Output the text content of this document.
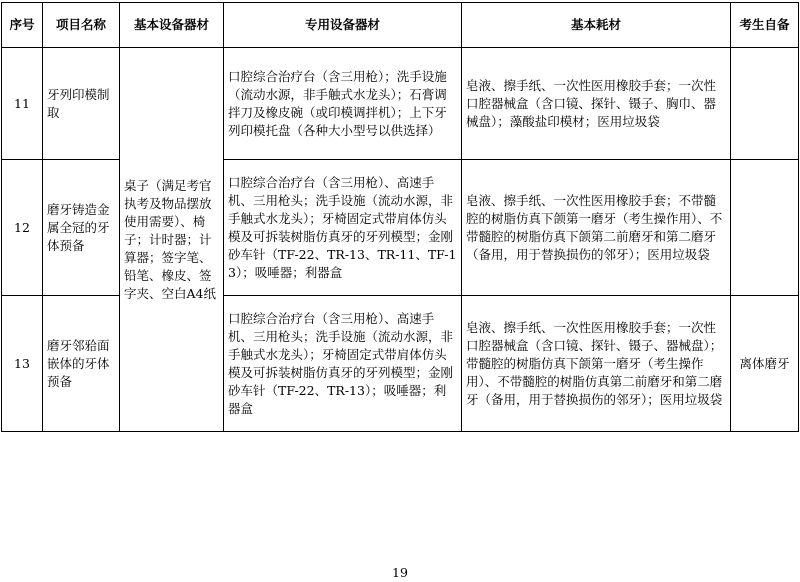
序号	项目名称	基本设备器材	专用设备器材	基本耗材	考生自备
11	牙列印模制取	桌子（满足考官执考及物品摆放使用需要）、椅子；计时器；计算器；签字笔、铅笔、橡皮、签字夹、空白A4纸	口腔综合治疗台（含三用枪）；洗手设施（流动水源，非手触式水龙头）；石膏调拌刀及橡皮碗（或印模调拌机）；上下牙列印模托盘（各种大小型号以供选择）	皂液、擦手纸、一次性医用橡胶手套；一次性口腔器械盒（含口镜、探针、镊子、胸巾、器械盘）；藻酸盐印模材；医用垃圾袋	
12	磨牙铸造金属全冠的牙体预备		口腔综合治疗台（含三用枪）、高速手机、三用枪头；洗手设施（流动水源，非手触式水龙头）；牙椅固定式带肩体仿头模及可拆装树脂仿真牙的牙列模型；金刚砂车针（TF-22、TR-13、TR-11、TF-13）；吸唾器；利器盒	皂液、擦手纸、一次性医用橡胶手套；不带髓腔的树脂仿真下颌第一磨牙（考生操作用）、不带髓腔的树脂仿真下颌第二前磨牙和第二磨牙（备用，用于替换损伤的邻牙）；医用垃圾袋	
13	磨牙邻𬌗面嵌体的牙体预备		口腔综合治疗台（含三用枪）、高速手机、三用枪头；洗手设施（流动水源，非手触式水龙头）；牙椅固定式带肩体仿头模及可拆装树脂仿真牙的牙列模型；金刚砂车针（TF-22、TR-13）；吸唾器；利器盒	皂液、擦手纸、一次性医用橡胶手套；一次性口腔器械盒（含口镜、探针、镊子、器械盘）；带髓腔的树脂仿真下颌第一磨牙（考生操作用）、不带髓腔的树脂仿真第二前磨牙和第二磨牙（备用，用于替换损伤的邻牙）；医用垃圾袋	离体磨牙
19
